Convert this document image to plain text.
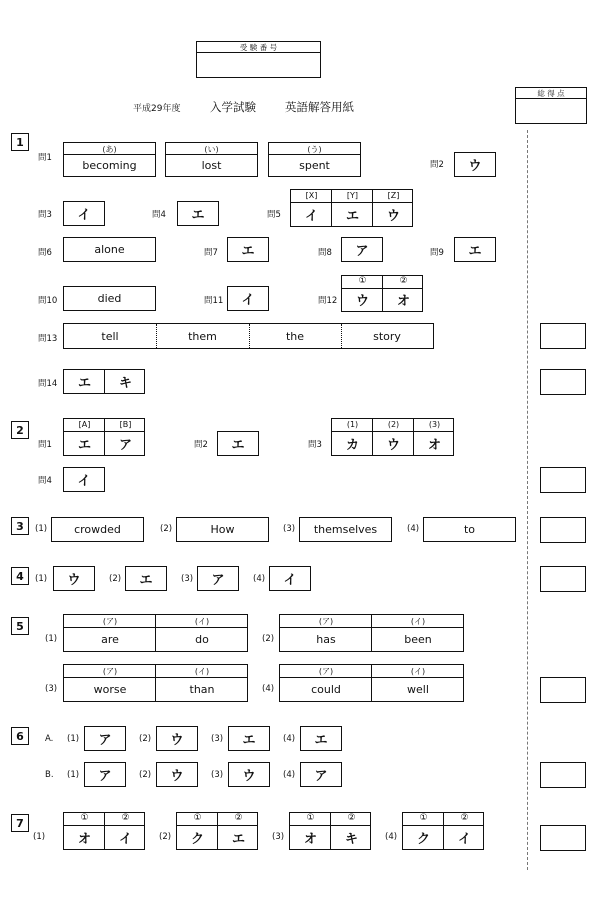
受 験 番 号
平成29年度	入学試験	英語解答用紙
総 得 点
1
問1
(あ)
becoming
(い)
lost
(う)
spent	問2	ウ
問3	イ	問4	エ	問5
[X]	[Y]	[Z]
イ	エ	ウ
問6	alone	問7	エ	問8	ア	問9	エ
問10	died	問11	イ	問12
①	②
ウ	オ
問13	tell	them	the	story
問14	エ	キ
2
問1
[A]	[B]
エ	ア	問2	エ	問3
(1)	(2)	(3)
カ	ウ	オ
問4	イ
3	(1)	crowded	(2)	How	(3)	themselves	(4)	to
4	(1)	ウ	(2)	エ	(3)	ア	(4)	イ
5
(1)
(ア)	(イ)
are	do	(2)
(ア)	(イ)
has	been
(3)
(ア)	(イ)
worse	than	(4)
(ア)	(イ)
could	well
6	A. (1)	ア	(2)	ウ	(3)	エ	(4)	エ
B. (1)	ア	(2)	ウ	(3)	ウ	(4)	ア
7
(1)
①	②
オ	イ	(2)
①	②
ク	エ	(3)
①	②
オ	キ	(4)
①	②
ク	イ
